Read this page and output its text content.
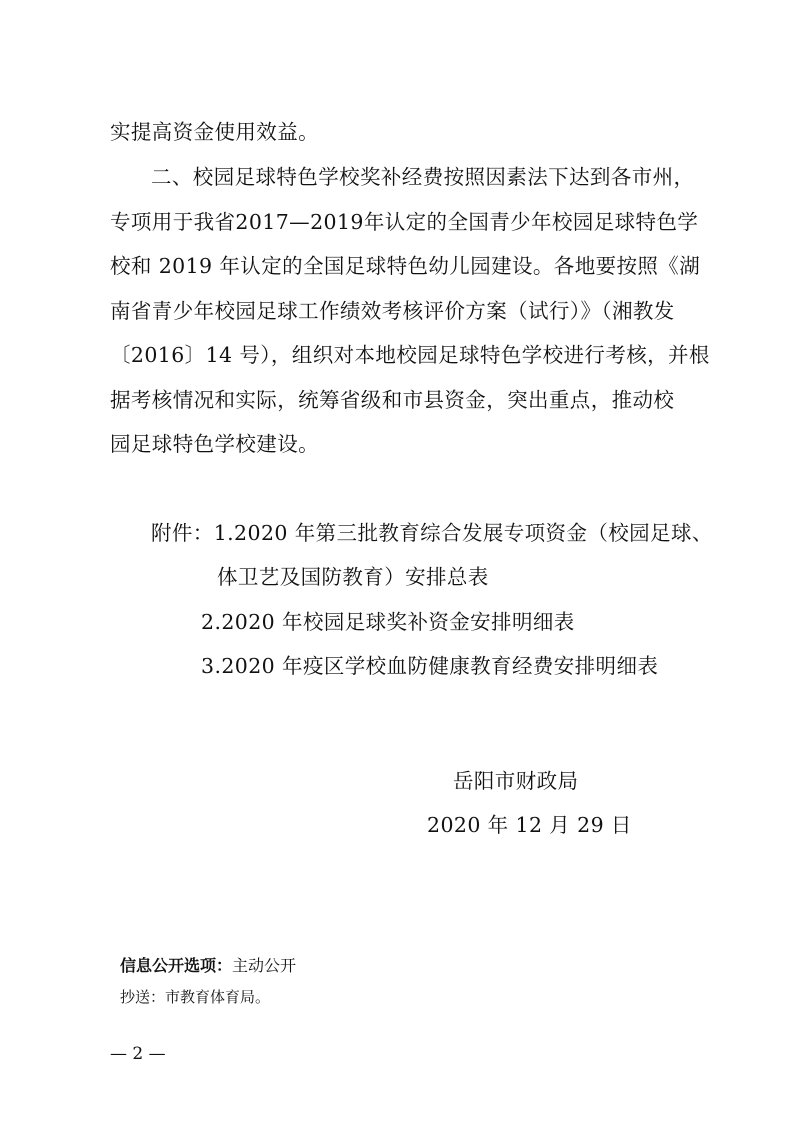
实提高资金使用效益。
二、校园足球特色学校奖补经费按照因素法下达到各市州，
专项用于我省2017—2019年认定的全国青少年校园足球特色学
校和 2019 年认定的全国足球特色幼儿园建设。各地要按照《湖
南省青少年校园足球工作绩效考核评价方案（试行）》（湘教发
〔2016〕14 号），组织对本地校园足球特色学校进行考核，并根
据考核情况和实际，统筹省级和市县资金，突出重点，推动校
园足球特色学校建设。
附件：1.2020 年第三批教育综合发展专项资金（校园足球、
体卫艺及国防教育）安排总表
2.2020 年校园足球奖补资金安排明细表
3.2020 年疫区学校血防健康教育经费安排明细表
岳阳市财政局
2020 年 12 月 29 日
信息公开选项：主动公开
抄送：市教育体育局。
— 2 —
